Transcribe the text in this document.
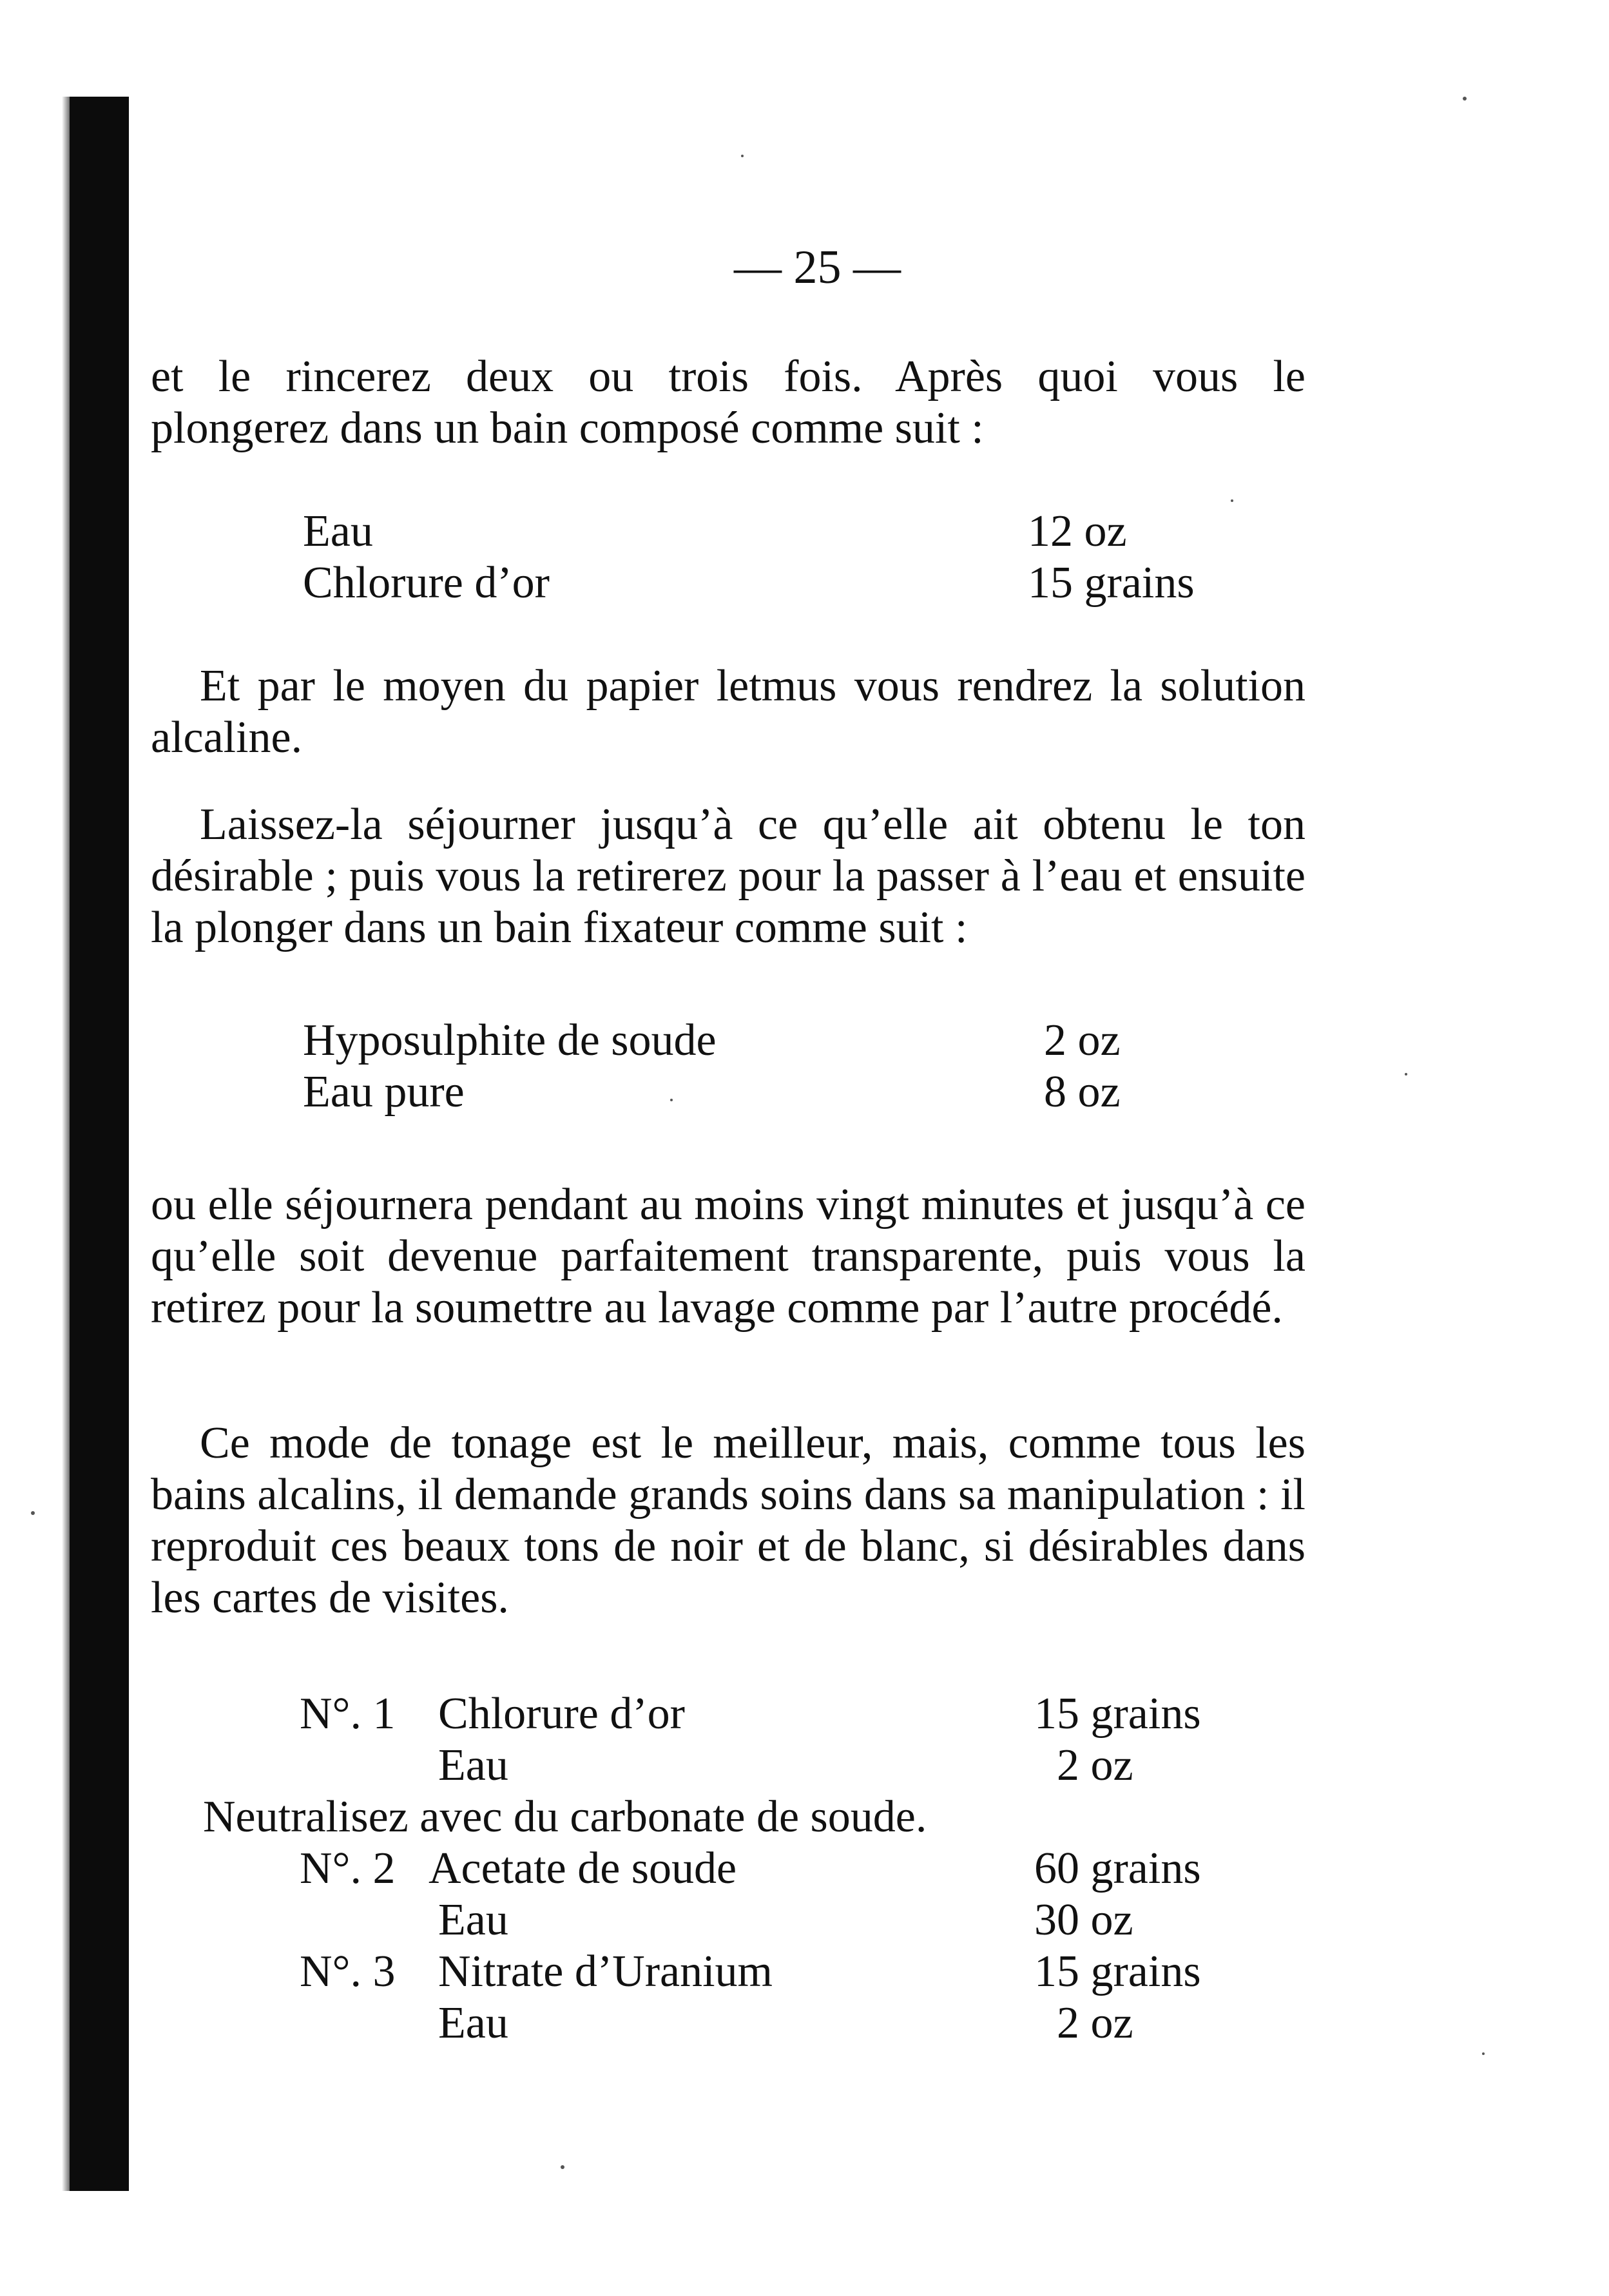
— 25 —

et le rincerez deux ou trois fois. Après quoi vous le

plongerez dans un bain composé comme suit :

Eau	12 oz
Chlorure d’or	15 grains

Et par le moyen du papier letmus vous rendrez la solution alcaline.

Laissez-la séjourner jusqu’à ce qu’elle ait obtenu le ton désirable ; puis vous la retirerez pour la passer à l’eau et ensuite la plonger dans un bain fixateur comme suit :

Hyposulphite de soude	2 oz
Eau pure	8 oz

ou elle séjournera pendant au moins vingt minutes et jusqu’à ce qu’elle soit devenue parfaitement transparente, puis vous la retirez pour la soumettre au lavage comme par l’autre procédé.

Ce mode de tonage est le meilleur, mais, comme tous les bains alcalins, il demande grands soins dans sa manipulation : il reproduit ces beaux tons de noir et de blanc, si désirables dans les cartes de visites.

N°. 1 Chlorure d’or	15 grains
Eau	2 oz
Neutralisez avec du carbonate de soude.
N°. 2 Acetate de soude	60 grains
Eau	30 oz
N°. 3 Nitrate d’Uranium	15 grains
Eau	2 oz
